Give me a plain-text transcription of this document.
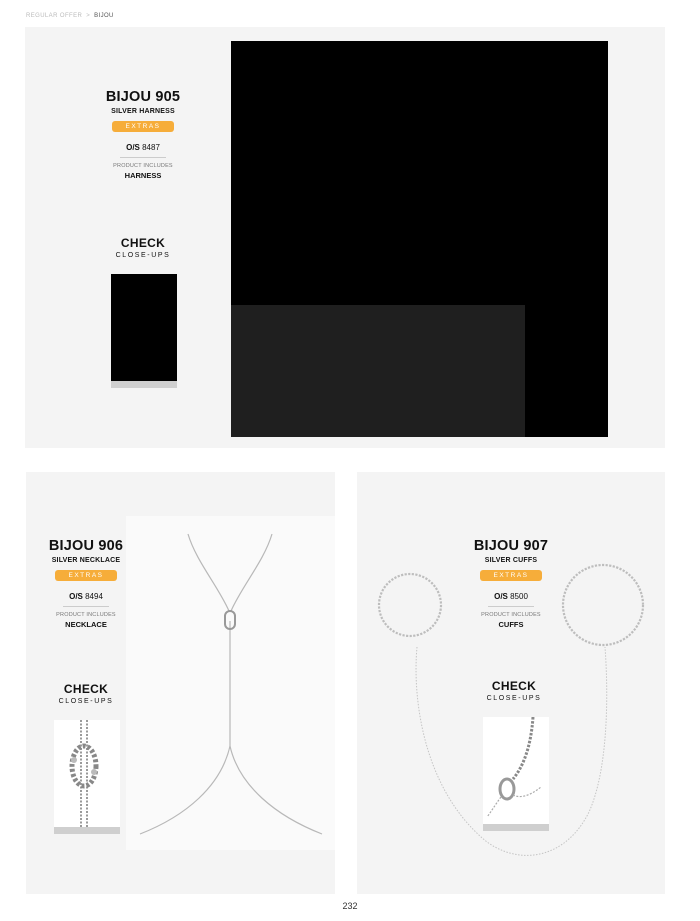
REGULAR OFFER > BIJOU
BIJOU 905
SILVER HARNESS
EXTRAS
O/S 8487
PRODUCT INCLUDES
HARNESS
CHECK
CLOSE-UPS
BIJOU 906
SILVER NECKLACE
EXTRAS
O/S 8494
PRODUCT INCLUDES
NECKLACE
CHECK
CLOSE-UPS
BIJOU 907
SILVER CUFFS
EXTRAS
O/S 8500
PRODUCT INCLUDES
CUFFS
CHECK
CLOSE-UPS
232
